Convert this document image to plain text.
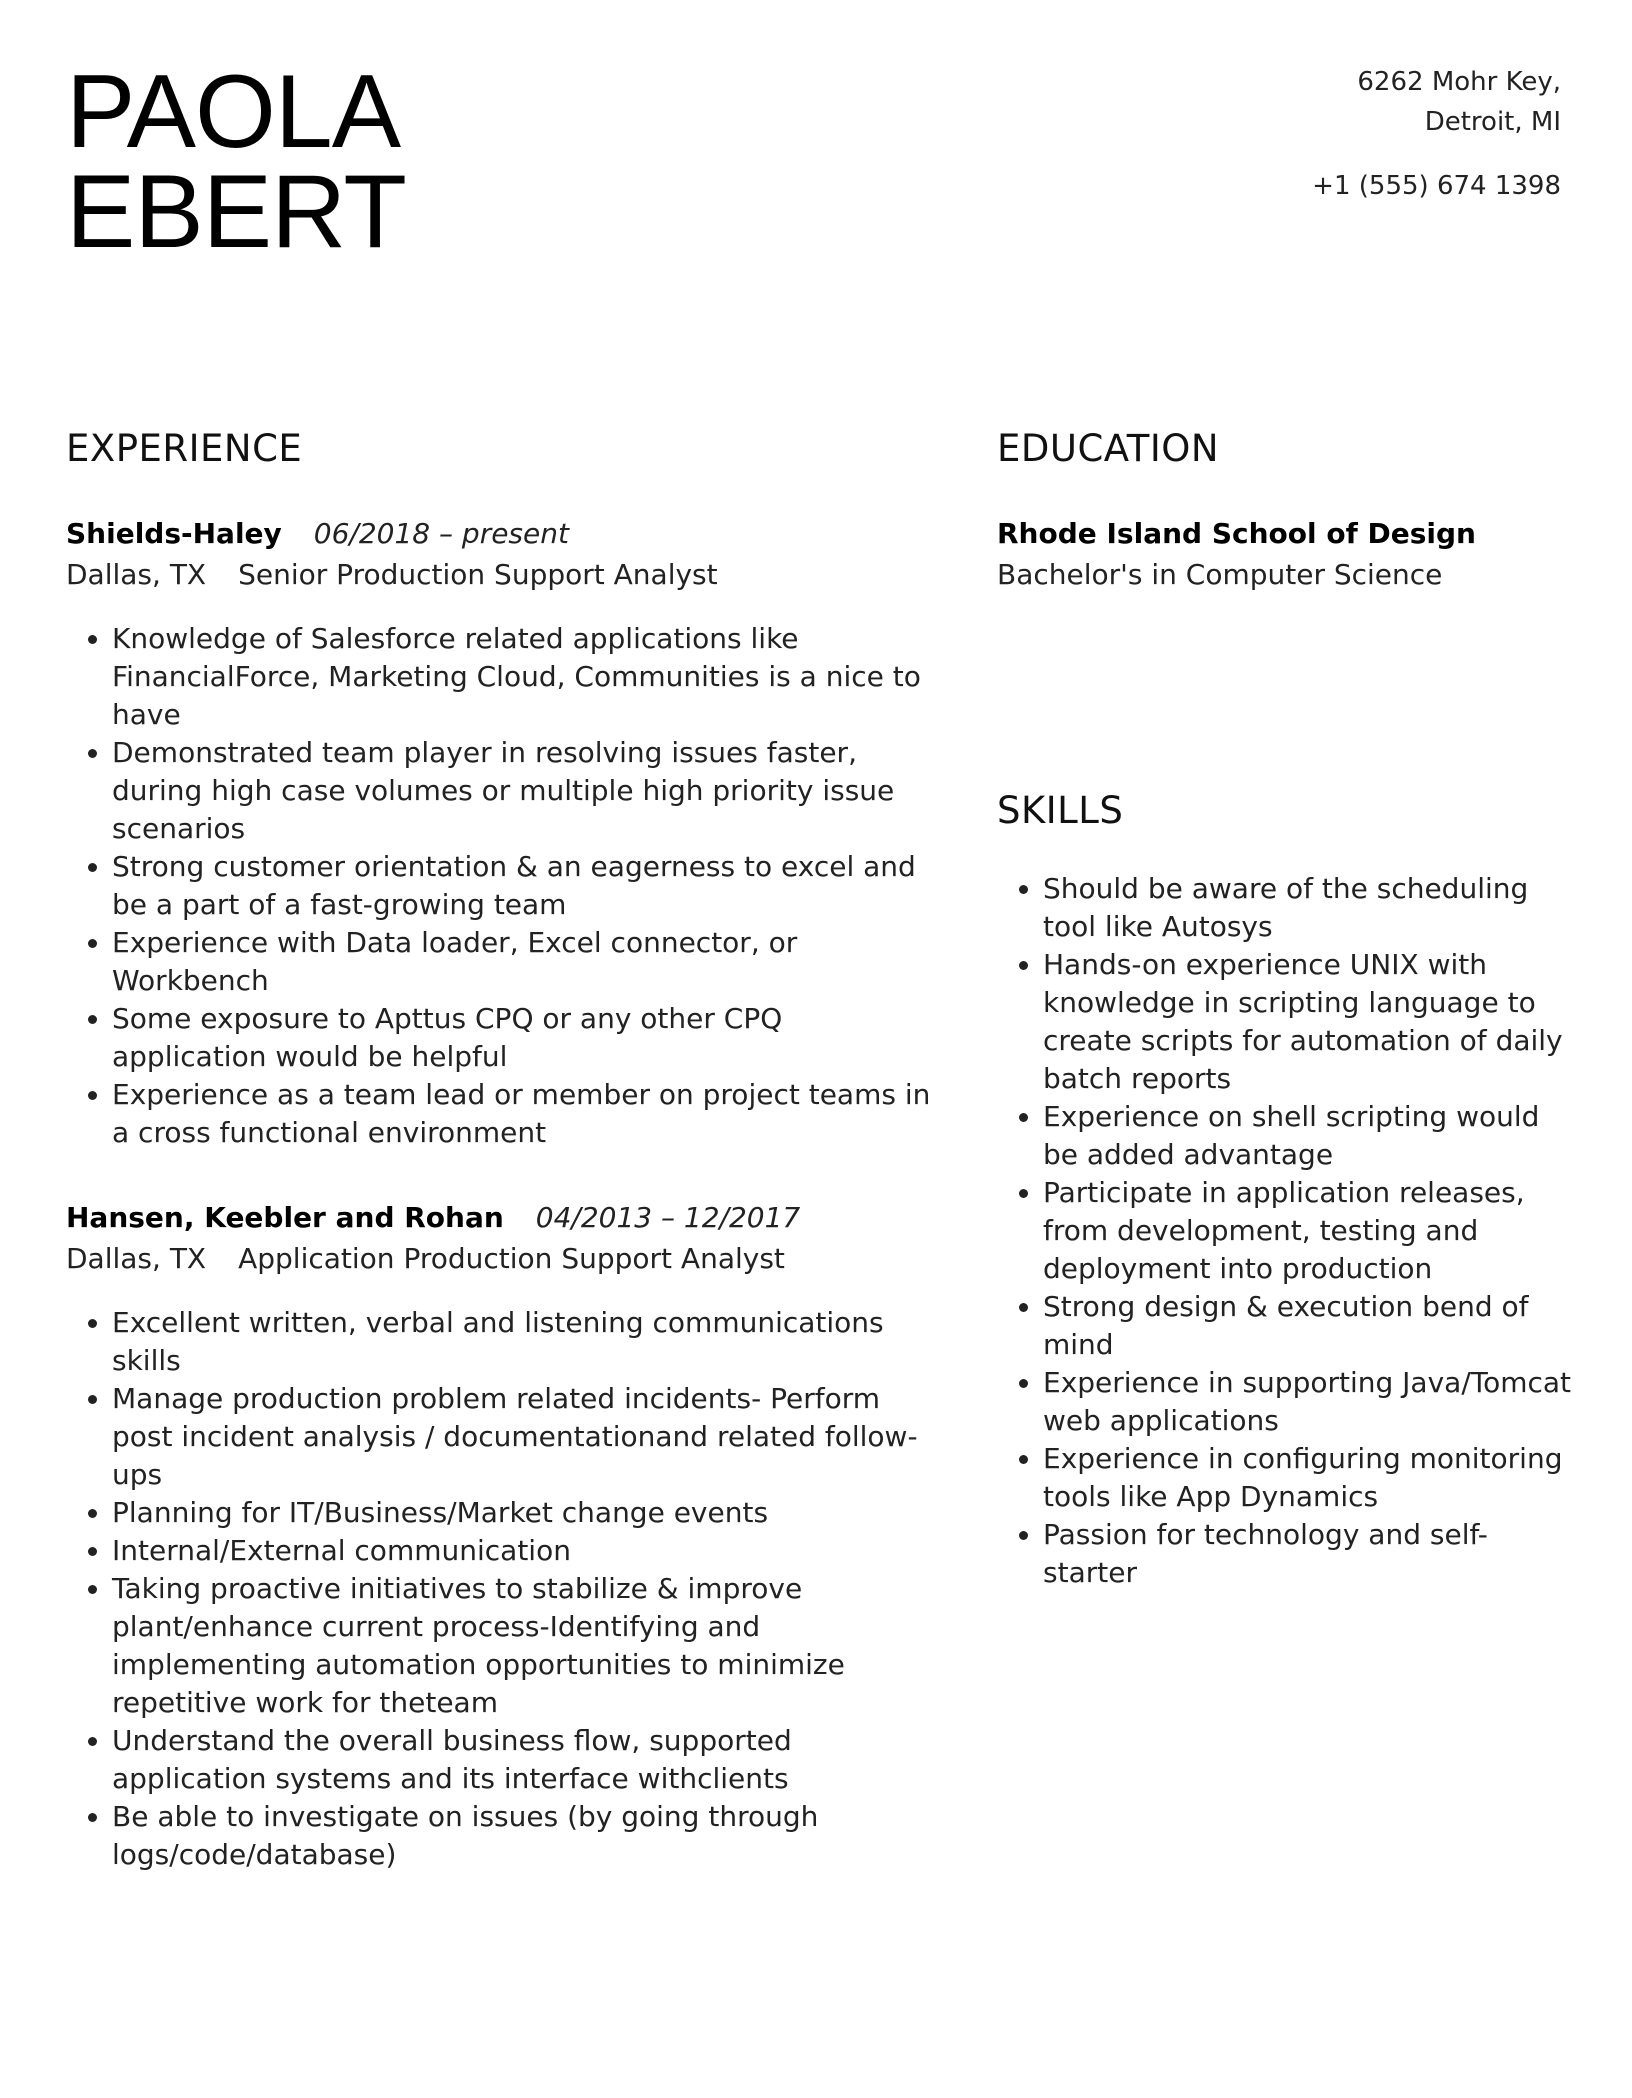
PAOLA
EBERT
6262 Mohr Key,
Detroit, MI
+1 (555) 674 1398
EXPERIENCE
Shields-Haley 06/2018 – present
Dallas, TX Senior Production Support Analyst
• Knowledge of Salesforce related applications like FinancialForce, Marketing Cloud, Communities is a nice to have
• Demonstrated team player in resolving issues faster, during high case volumes or multiple high priority issue scenarios
• Strong customer orientation & an eagerness to excel and be a part of a fast-growing team
• Experience with Data loader, Excel connector, or Workbench
• Some exposure to Apttus CPQ or any other CPQ application would be helpful
• Experience as a team lead or member on project teams in a cross functional environment
Hansen, Keebler and Rohan 04/2013 – 12/2017
Dallas, TX Application Production Support Analyst
• Excellent written, verbal and listening communications skills
• Manage production problem related incidents- Perform post incident analysis / documentationand related follow-ups
• Planning for IT/Business/Market change events
• Internal/External communication
• Taking proactive initiatives to stabilize & improve plant/enhance current process-Identifying and implementing automation opportunities to minimize repetitive work for theteam
• Understand the overall business flow, supported application systems and its interface withclients
• Be able to investigate on issues (by going through logs/code/database)
EDUCATION
Rhode Island School of Design
Bachelor's in Computer Science
SKILLS
• Should be aware of the scheduling tool like Autosys
• Hands-on experience UNIX with knowledge in scripting language to create scripts for automation of daily batch reports
• Experience on shell scripting would be added advantage
• Participate in application releases, from development, testing and deployment into production
• Strong design & execution bend of mind
• Experience in supporting Java/Tomcat web applications
• Experience in configuring monitoring tools like App Dynamics
• Passion for technology and self- starter
